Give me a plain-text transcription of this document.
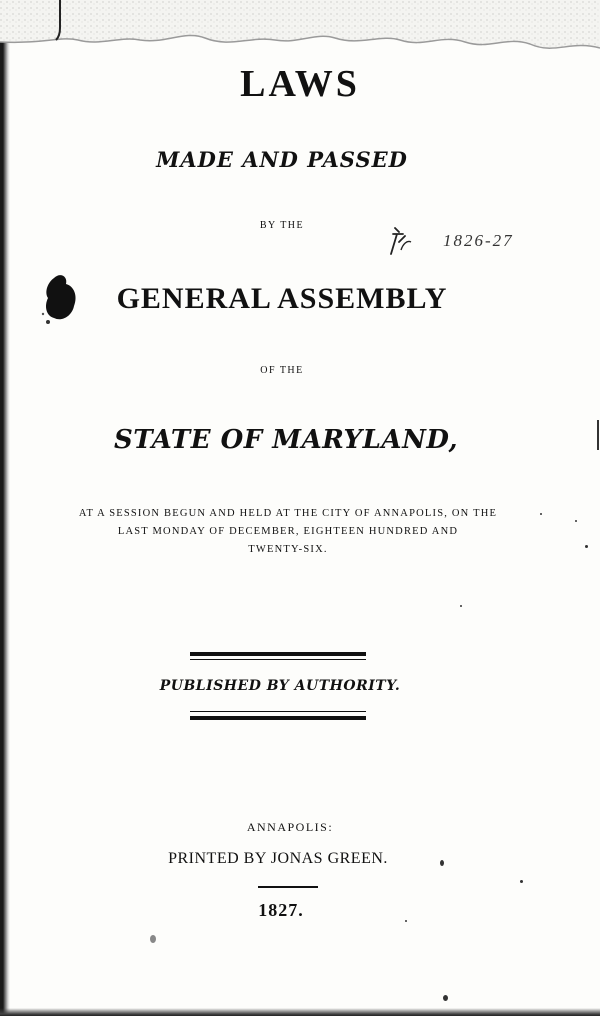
1826-27
LAWS
MADE AND PASSED
BY THE
GENERAL ASSEMBLY
OF THE
STATE OF MARYLAND,
AT A SESSION BEGUN AND HELD AT THE CITY OF ANNAPOLIS, ON THE
LAST MONDAY OF DECEMBER, EIGHTEEN HUNDRED AND
TWENTY-SIX.
PUBLISHED BY AUTHORITY.
ANNAPOLIS:
PRINTED BY JONAS GREEN.
1827.
